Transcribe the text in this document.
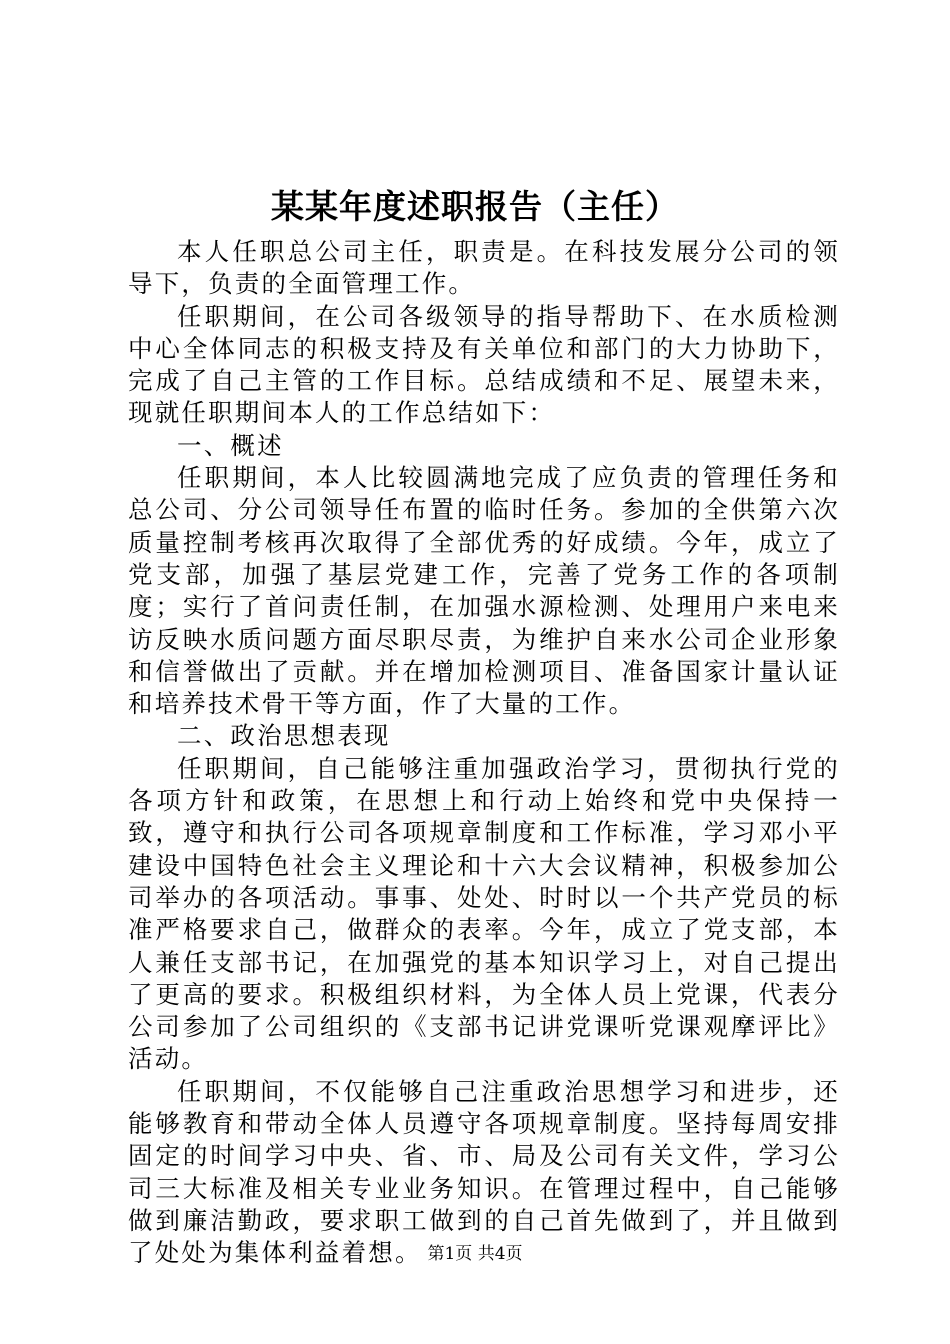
某某年度述职报告（主任）

本人任职总公司主任，职责是。在科技发展分公司的领导下，负责的全面管理工作。

任职期间，在公司各级领导的指导帮助下、在水质检测中心全体同志的积极支持及有关单位和部门的大力协助下，完成了自己主管的工作目标。总结成绩和不足、展望未来，现就任职期间本人的工作总结如下：

一、概述

任职期间，本人比较圆满地完成了应负责的管理任务和总公司、分公司领导任布置的临时任务。参加的全供第六次质量控制考核再次取得了全部优秀的好成绩。今年，成立了党支部，加强了基层党建工作，完善了党务工作的各项制度；实行了首问责任制，在加强水源检测、处理用户来电来访反映水质问题方面尽职尽责，为维护自来水公司企业形象和信誉做出了贡献。并在增加检测项目、准备国家计量认证和培养技术骨干等方面，作了大量的工作。

二、政治思想表现

任职期间，自己能够注重加强政治学习，贯彻执行党的各项方针和政策，在思想上和行动上始终和党中央保持一致，遵守和执行公司各项规章制度和工作标准，学习邓小平建设中国特色社会主义理论和十六大会议精神，积极参加公司举办的各项活动。事事、处处、时时以一个共产党员的标准严格要求自己，做群众的表率。今年，成立了党支部，本人兼任支部书记，在加强党的基本知识学习上，对自己提出了更高的要求。积极组织材料，为全体人员上党课，代表分公司参加了公司组织的《支部书记讲党课听党课观摩评比》活动。

任职期间，不仅能够自己注重政治思想学习和进步，还能够教育和带动全体人员遵守各项规章制度。坚持每周安排固定的时间学习中央、省、市、局及公司有关文件，学习公司三大标准及相关专业业务知识。在管理过程中，自己能够做到廉洁勤政，要求职工做到的自己首先做到了，并且做到了处处为集体利益着想。 第1页 共4页
